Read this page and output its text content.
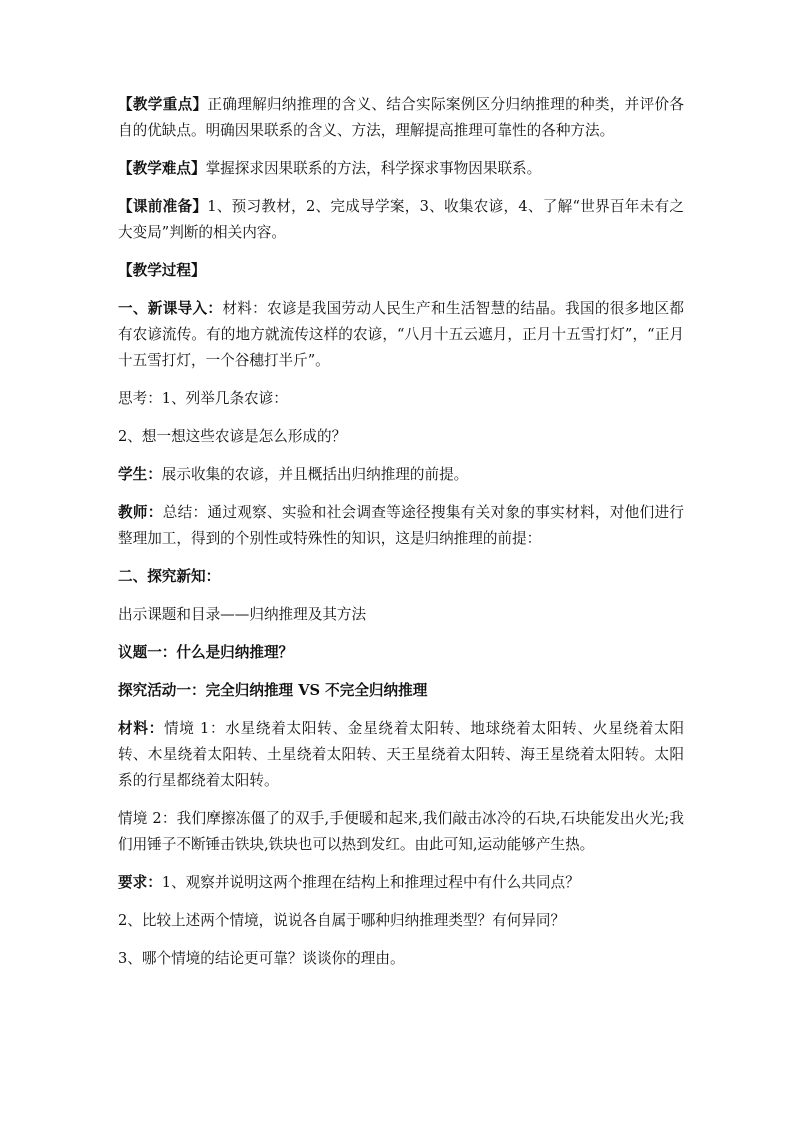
【教学重点】正确理解归纳推理的含义、结合实际案例区分归纳推理的种类，并评价各自的优缺点。明确因果联系的含义、方法，理解提高推理可靠性的各种方法。

【教学难点】掌握探求因果联系的方法，科学探求事物因果联系。

【课前准备】1、预习教材，2、完成导学案，3、收集农谚，4、了解“世界百年未有之大变局”判断的相关内容。

【教学过程】

一、新课导入：材料：农谚是我国劳动人民生产和生活智慧的结晶。我国的很多地区都有农谚流传。有的地方就流传这样的农谚，“八月十五云遮月，正月十五雪打灯”，“正月十五雪打灯，一个谷穗打半斤”。

思考：1、列举几条农谚：

2、想一想这些农谚是怎么形成的？

学生：展示收集的农谚，并且概括出归纳推理的前提。

教师：总结：通过观察、实验和社会调查等途径搜集有关对象的事实材料，对他们进行整理加工，得到的个别性或特殊性的知识，这是归纳推理的前提：

二、探究新知：

出示课题和目录——归纳推理及其方法

议题一：什么是归纳推理？

探究活动一：完全归纳推理 VS 不完全归纳推理

材料：情境 1：水星绕着太阳转、金星绕着太阳转、地球绕着太阳转、火星绕着太阳转、木星绕着太阳转、土星绕着太阳转、天王星绕着太阳转、海王星绕着太阳转。太阳系的行星都绕着太阳转。

情境 2：我们摩擦冻僵了的双手,手便暖和起来,我们敲击冰冷的石块,石块能发出火光;我们用锤子不断锤击铁块,铁块也可以热到发红。由此可知,运动能够产生热。

要求：1、观察并说明这两个推理在结构上和推理过程中有什么共同点？

2、比较上述两个情境，说说各自属于哪种归纳推理类型？有何异同？

3、哪个情境的结论更可靠？谈谈你的理由。
